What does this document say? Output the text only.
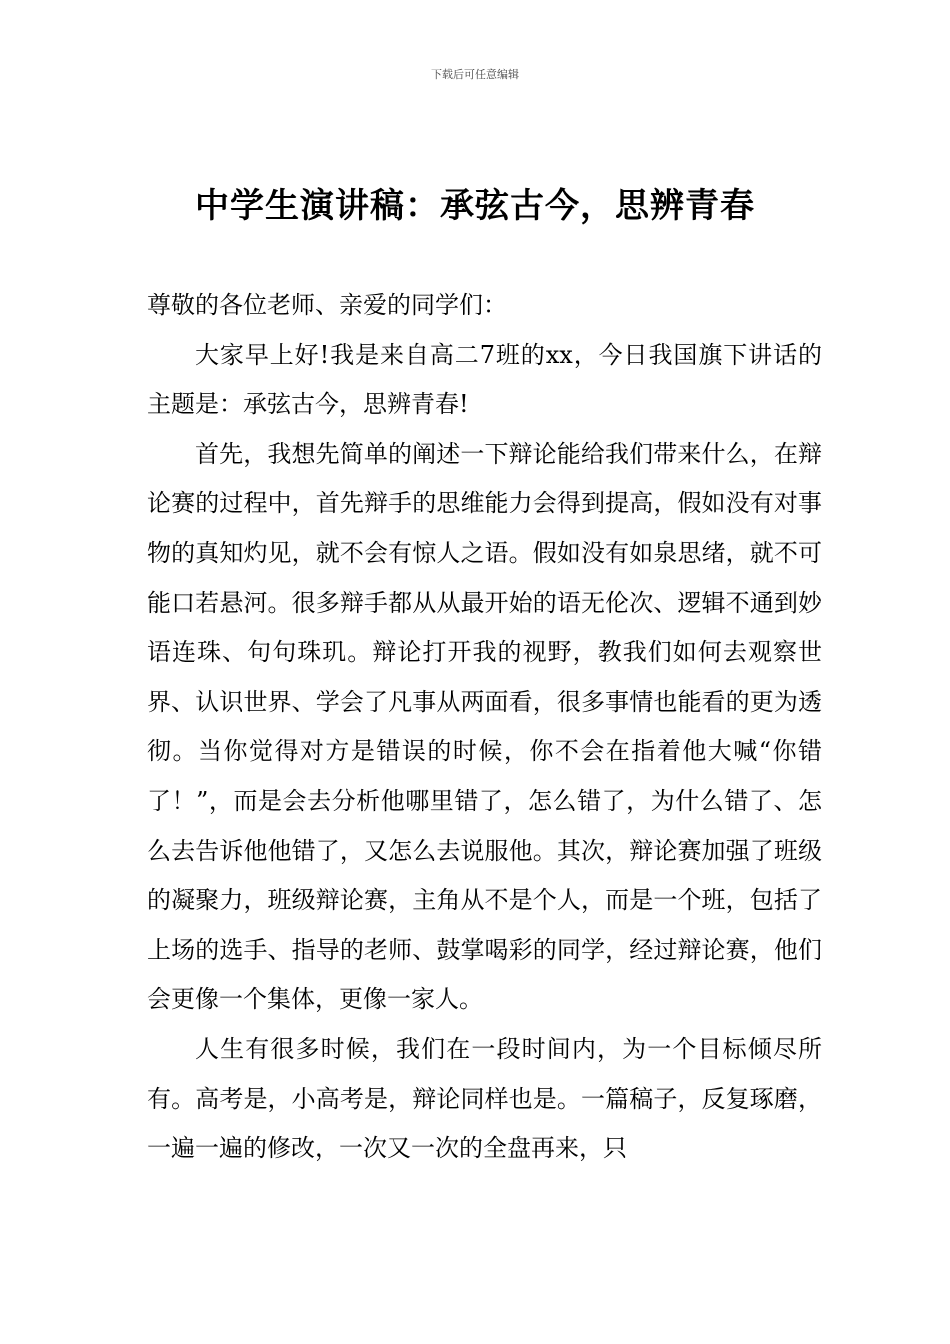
下载后可任意编辑
中学生演讲稿：承弦古今，思辨青春

尊敬的各位老师、亲爱的同学们：

大家早上好!我是来自高二7班的xx，今日我国旗下讲话的主题是：承弦古今，思辨青春!

首先，我想先简单的阐述一下辩论能给我们带来什么，在辩论赛的过程中，首先辩手的思维能力会得到提高，假如没有对事物的真知灼见，就不会有惊人之语。假如没有如泉思绪，就不可能口若悬河。很多辩手都从从最开始的语无伦次、逻辑不通到妙语连珠、句句珠玑。辩论打开我的视野，教我们如何去观察世界、认识世界、学会了凡事从两面看，很多事情也能看的更为透彻。当你觉得对方是错误的时候，你不会在指着他大喊“你错了！”，而是会去分析他哪里错了，怎么错了，为什么错了、怎么去告诉他他错了，又怎么去说服他。其次，辩论赛加强了班级的凝聚力，班级辩论赛，主角从不是个人，而是一个班，包括了上场的选手、指导的老师、鼓掌喝彩的同学，经过辩论赛，他们会更像一个集体，更像一家人。

人生有很多时候，我们在一段时间内，为一个目标倾尽所有。高考是，小高考是，辩论同样也是。一篇稿子，反复琢磨，一遍一遍的修改，一次又一次的全盘再来，只
